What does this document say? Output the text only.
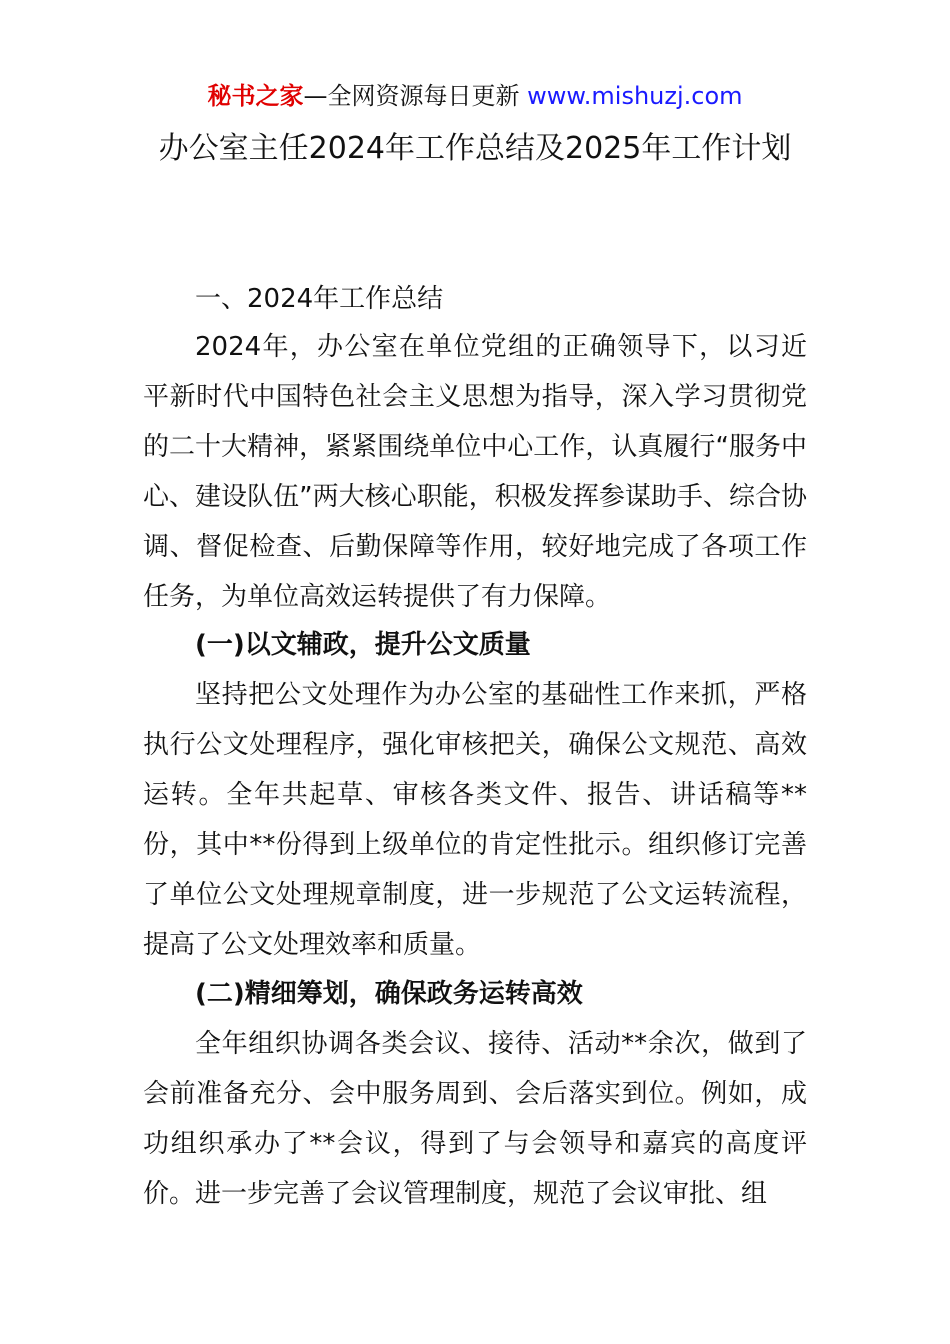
秘书之家—全网资源每日更新 www.mishuzj.com
办公室主任2024年工作总结及2025年工作计划
一、2024年工作总结
2024年，办公室在单位党组的正确领导下，以习近平新时代中国特色社会主义思想为指导，深入学习贯彻党的二十大精神，紧紧围绕单位中心工作，认真履行“服务中心、建设队伍”两大核心职能，积极发挥参谋助手、综合协调、督促检查、后勤保障等作用，较好地完成了各项工作任务，为单位高效运转提供了有力保障。
(一)以文辅政，提升公文质量
坚持把公文处理作为办公室的基础性工作来抓，严格执行公文处理程序，强化审核把关，确保公文规范、高效运转。全年共起草、审核各类文件、报告、讲话稿等**份，其中**份得到上级单位的肯定性批示。组织修订完善了单位公文处理规章制度，进一步规范了公文运转流程，提高了公文处理效率和质量。
(二)精细筹划，确保政务运转高效
全年组织协调各类会议、接待、活动**余次，做到了会前准备充分、会中服务周到、会后落实到位。例如，成功组织承办了**会议，得到了与会领导和嘉宾的高度评价。进一步完善了会议管理制度，规范了会议审批、组
